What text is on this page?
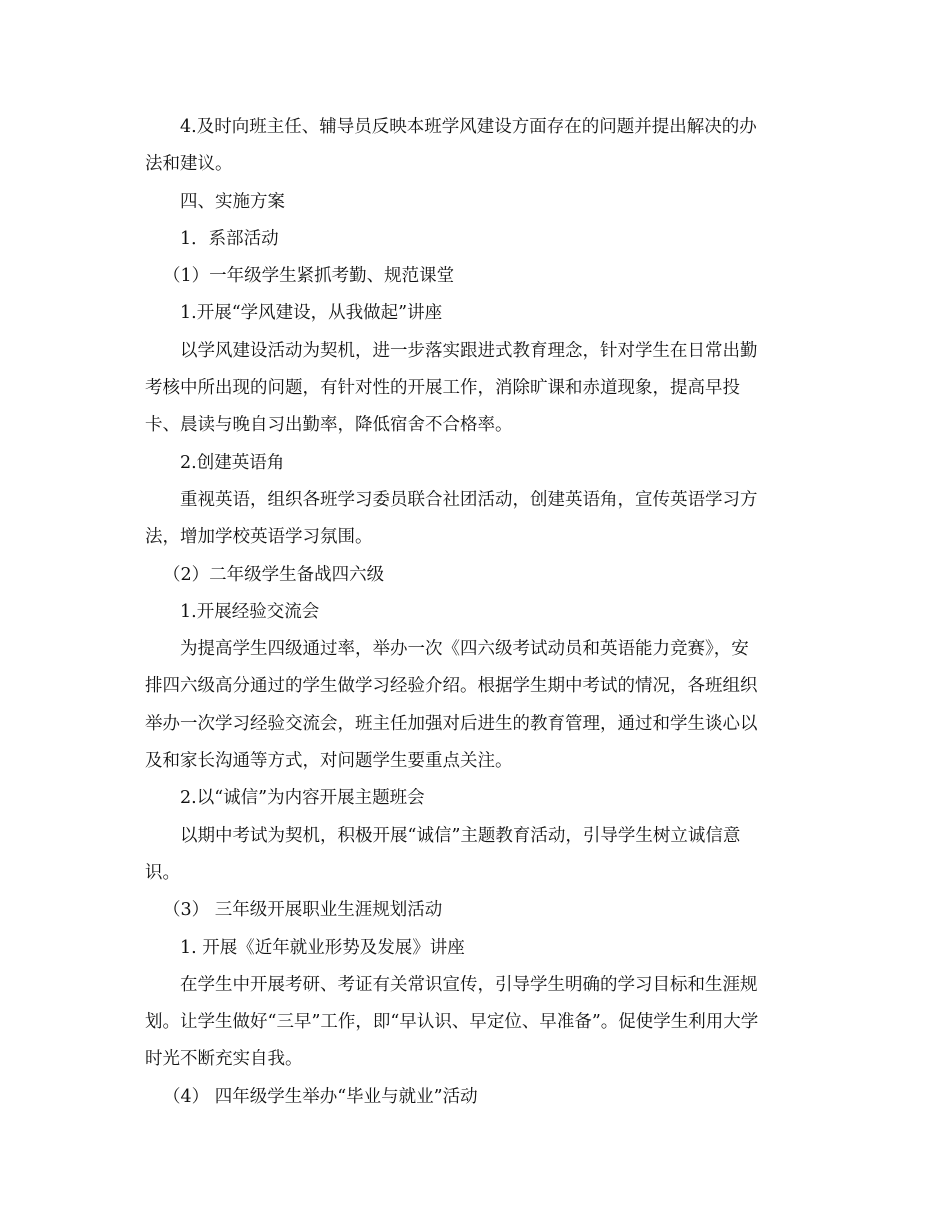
4.及时向班主任、辅导员反映本班学风建设方面存在的问题并提出解决的办

法和建议。

四、实施方案

1．系部活动

（1）一年级学生紧抓考勤、规范课堂

1.开展“学风建设，从我做起”讲座

以学风建设活动为契机，进一步落实跟进式教育理念，针对学生在日常出勤

考核中所出现的问题，有针对性的开展工作，消除旷课和赤道现象，提高早投

卡、晨读与晚自习出勤率，降低宿舍不合格率。

2.创建英语角

重视英语，组织各班学习委员联合社团活动，创建英语角，宣传英语学习方

法，增加学校英语学习氛围。

（2）二年级学生备战四六级

1.开展经验交流会

为提高学生四级通过率，举办一次《四六级考试动员和英语能力竞赛》，安

排四六级高分通过的学生做学习经验介绍。根据学生期中考试的情况，各班组织

举办一次学习经验交流会，班主任加强对后进生的教育管理，通过和学生谈心以

及和家长沟通等方式，对问题学生要重点关注。

2.以“诚信”为内容开展主题班会

以期中考试为契机，积极开展“诚信”主题教育活动，引导学生树立诚信意

识。

（3） 三年级开展职业生涯规划活动

1. 开展《近年就业形势及发展》讲座

在学生中开展考研、考证有关常识宣传，引导学生明确的学习目标和生涯规

划。让学生做好“三早”工作，即“早认识、早定位、早准备”。促使学生利用大学

时光不断充实自我。

（4） 四年级学生举办“毕业与就业”活动
